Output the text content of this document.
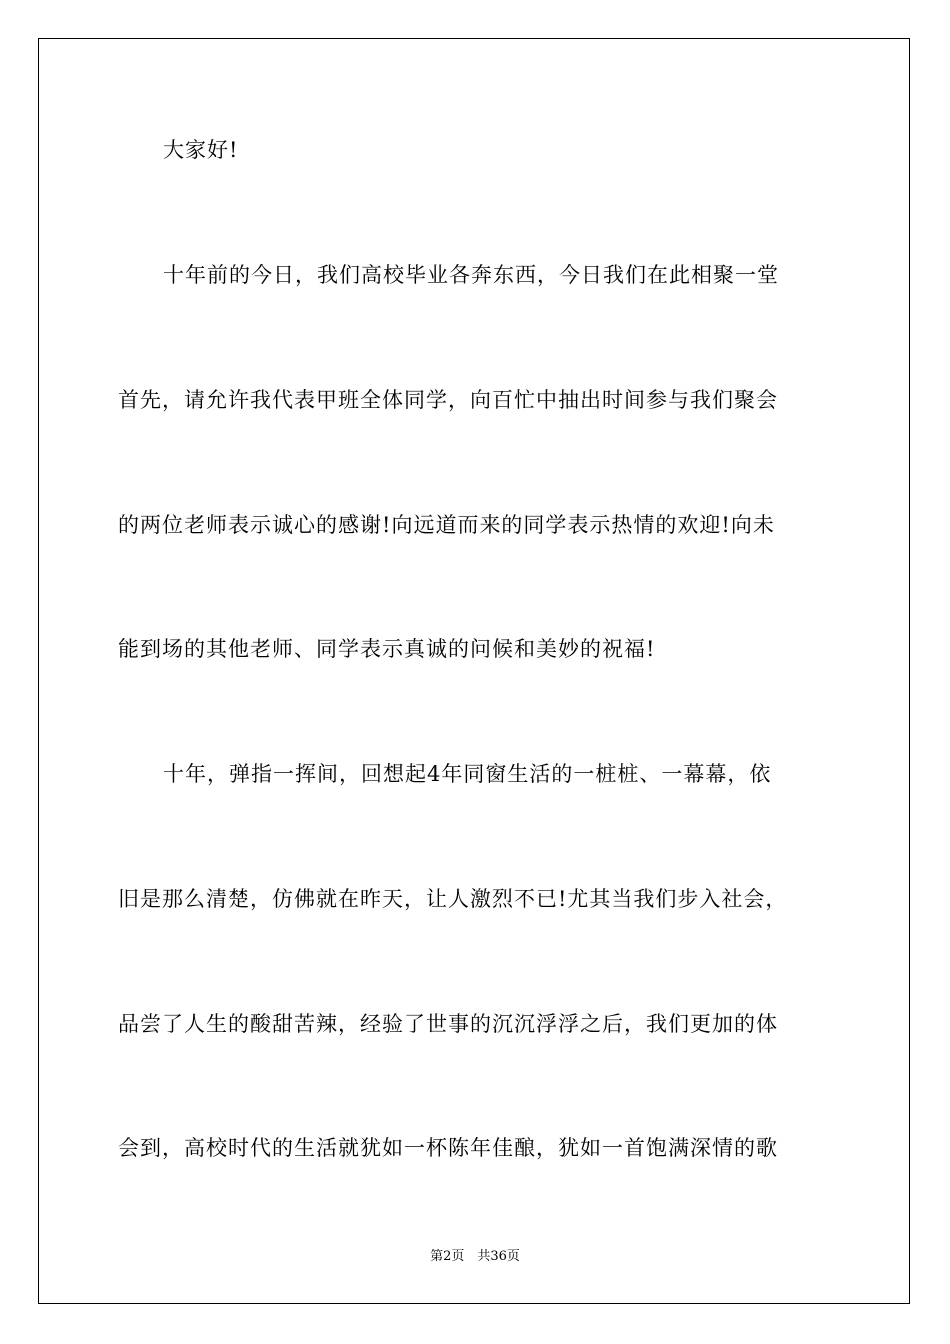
大家好!
十年前的今日，我们高校毕业各奔东西，今日我们在此相聚一堂
首先，请允许我代表甲班全体同学，向百忙中抽出时间参与我们聚会
的两位老师表示诚心的感谢!向远道而来的同学表示热情的欢迎!向未
能到场的其他老师、同学表示真诚的问候和美妙的祝福!
十年，弹指一挥间，回想起4年同窗生活的一桩桩、一幕幕，依
旧是那么清楚，仿佛就在昨天，让人激烈不已!尤其当我们步入社会，
品尝了人生的酸甜苦辣，经验了世事的沉沉浮浮之后，我们更加的体
会到，高校时代的生活就犹如一杯陈年佳酿，犹如一首饱满深情的歌
第2页　共36页
